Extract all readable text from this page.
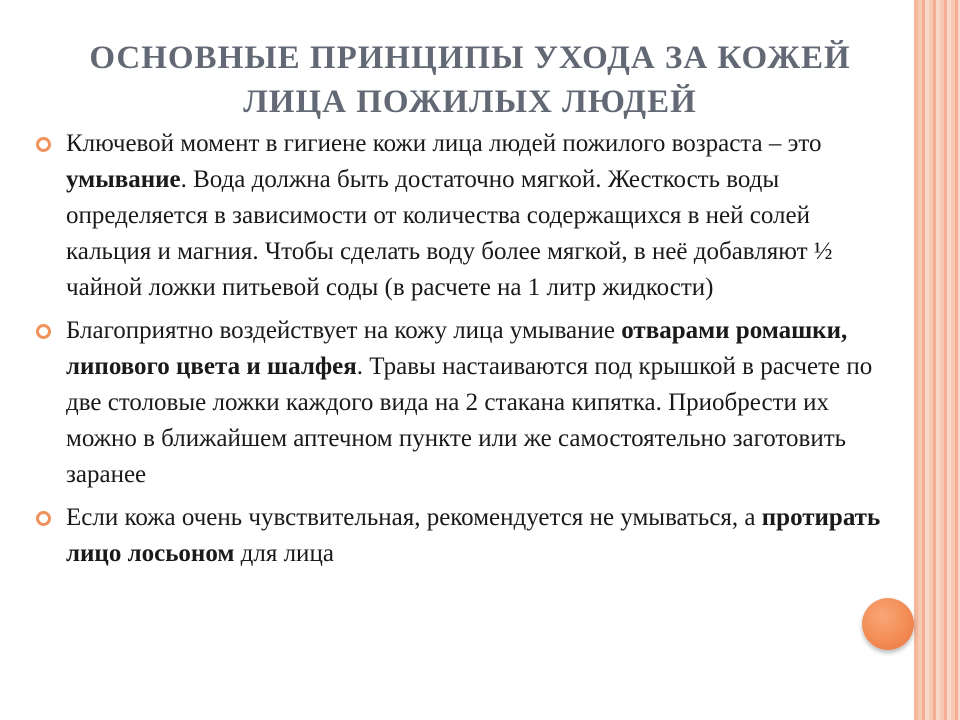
ОСНОВНЫЕ ПРИНЦИПЫ УХОДА ЗА КОЖЕЙ ЛИЦА ПОЖИЛЫХ ЛЮДЕЙ
Ключевой момент в гигиене кожи лица людей пожилого возраста – это умывание. Вода должна быть достаточно мягкой. Жесткость воды определяется в зависимости от количества содержащихся в ней солей кальция и магния. Чтобы сделать воду более мягкой, в неё добавляют ½ чайной ложки питьевой соды (в расчете на 1 литр жидкости)
Благоприятно воздействует на кожу лица умывание отварами ромашки, липового цвета и шалфея. Травы настаиваются под крышкой в расчете по две столовые ложки каждого вида на 2 стакана кипятка. Приобрести их можно в ближайшем аптечном пункте или же самостоятельно заготовить заранее
Если кожа очень чувствительная, рекомендуется не умываться, а протирать лицо лосьоном для лица
